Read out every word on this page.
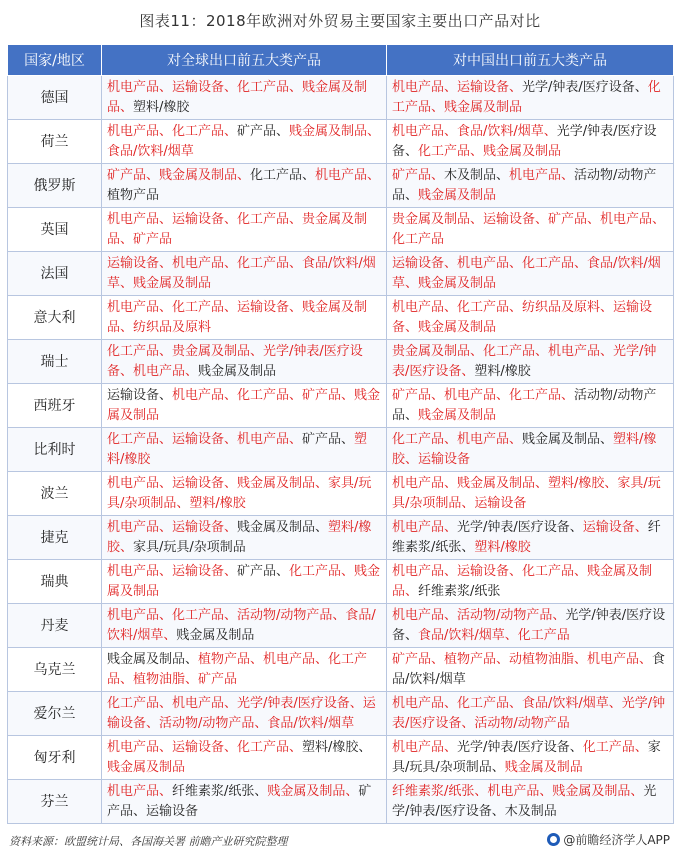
图表11：2018年欧洲对外贸易主要国家主要出口产品对比
国家/地区	对全球出口前五大类产品	对中国出口前五大类产品
德国	机电产品、运输设备、化工产品、贱金属及制品、塑料/橡胶	机电产品、运输设备、光学/钟表/医疗设备、化工产品、贱金属及制品
荷兰	机电产品、化工产品、矿产品、贱金属及制品、食品/饮料/烟草	机电产品、食品/饮料/烟草、光学/钟表/医疗设备、化工产品、贱金属及制品
俄罗斯	矿产品、贱金属及制品、化工产品、机电产品、植物产品	矿产品、木及制品、机电产品、活动物/动物产品、贱金属及制品
英国	机电产品、运输设备、化工产品、贵金属及制品、矿产品	贵金属及制品、运输设备、矿产品、机电产品、化工产品
法国	运输设备、机电产品、化工产品、食品/饮料/烟草、贱金属及制品	运输设备、机电产品、化工产品、食品/饮料/烟草、贱金属及制品
意大利	机电产品、化工产品、运输设备、贱金属及制品、纺织品及原料	机电产品、化工产品、纺织品及原料、运输设备、贱金属及制品
瑞士	化工产品、贵金属及制品、光学/钟表/医疗设备、机电产品、贱金属及制品	贵金属及制品、化工产品、机电产品、光学/钟表/医疗设备、塑料/橡胶
西班牙	运输设备、机电产品、化工产品、矿产品、贱金属及制品	矿产品、机电产品、化工产品、活动物/动物产品、贱金属及制品
比利时	化工产品、运输设备、机电产品、矿产品、塑料/橡胶	化工产品、机电产品、贱金属及制品、塑料/橡胶、运输设备
波兰	机电产品、运输设备、贱金属及制品、家具/玩具/杂项制品、塑料/橡胶	机电产品、贱金属及制品、塑料/橡胶、家具/玩具/杂项制品、运输设备
捷克	机电产品、运输设备、贱金属及制品、塑料/橡胶、家具/玩具/杂项制品	机电产品、光学/钟表/医疗设备、运输设备、纤维素浆/纸张、塑料/橡胶
瑞典	机电产品、运输设备、矿产品、化工产品、贱金属及制品	机电产品、运输设备、化工产品、贱金属及制品、纤维素浆/纸张
丹麦	机电产品、化工产品、活动物/动物产品、食品/饮料/烟草、贱金属及制品	机电产品、活动物/动物产品、光学/钟表/医疗设备、食品/饮料/烟草、化工产品
乌克兰	贱金属及制品、植物产品、机电产品、化工产品、植物油脂、矿产品	矿产品、植物产品、动植物油脂、机电产品、食品/饮料/烟草
爱尔兰	化工产品、机电产品、光学/钟表/医疗设备、运输设备、活动物/动物产品、食品/饮料/烟草	机电产品、化工产品、食品/饮料/烟草、光学/钟表/医疗设备、活动物/动物产品
匈牙利	机电产品、运输设备、化工产品、塑料/橡胶、贱金属及制品	机电产品、光学/钟表/医疗设备、化工产品、家具/玩具/杂项制品、贱金属及制品
芬兰	机电产品、纤维素浆/纸张、贱金属及制品、矿产品、运输设备	纤维素浆/纸张、机电产品、贱金属及制品、光学/钟表/医疗设备、木及制品
资料来源：欧盟统计局、各国海关署 前瞻产业研究院整理	@前瞻经济学人APP
